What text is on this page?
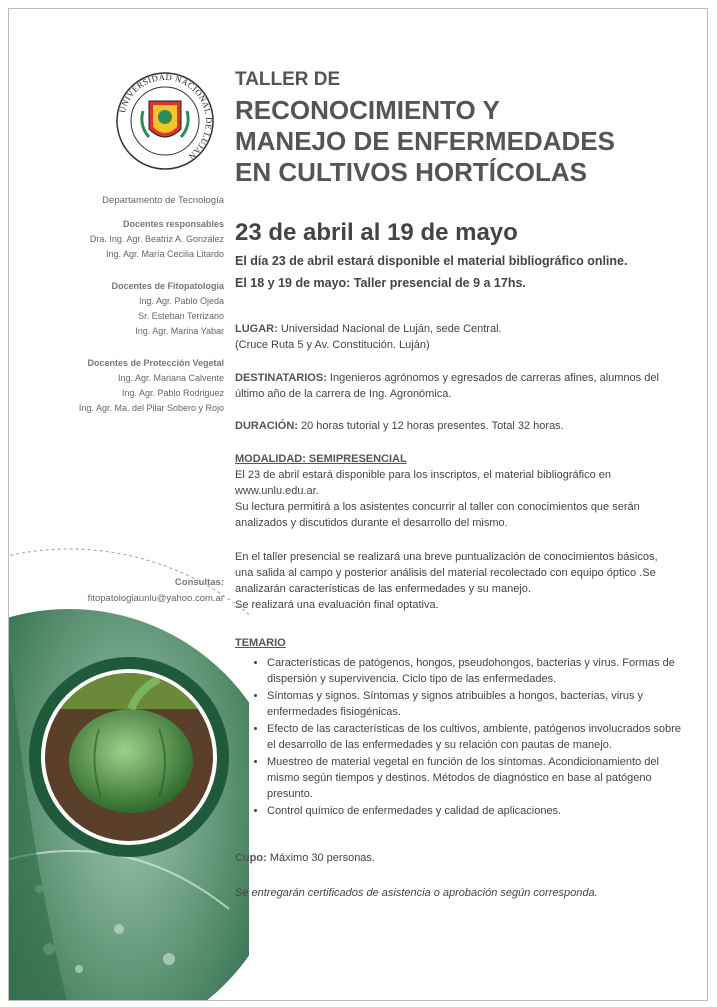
UNIVERSIDAD NACIONAL DE LUJAN
Departamento de Tecnología
Docentes responsables
Dra. Ing. Agr. Beatriz A. González
Ing. Agr. María Cecilia Litardo
Docentes de Fitopatología
Ing. Agr. Pablo Ojeda
Sr. Esteban Terrizano
Ing. Agr. Marina Yabar
Docentes de Protección Vegetal
Ing. Agr. Mariana Calvente
Ing. Agr. Pablo Rodriguez
Ing. Agr. Ma. del Pilar Sobero y Rojo
Consultas:
fitopatologiaunlu@yahoo.com.ar
TALLER DE
RECONOCIMIENTO Y
MANEJO DE ENFERMEDADES
EN CULTIVOS HORTÍCOLAS
23 de abril al 19 de mayo
El día 23 de abril estará disponible el material bibliográfico online.
El 18 y 19 de mayo: Taller presencial de 9 a 17hs.
LUGAR: Universidad Nacional de Luján, sede Central.
(Cruce Ruta 5 y Av. Constitución. Luján)
DESTINATARIOS: Ingenieros agrónomos y egresados de carreras afines, alumnos del último año de la carrera de Ing. Agronómica.
DURACIÓN: 20 horas tutorial y 12 horas presentes. Total 32 horas.
MODALIDAD: SEMIPRESENCIAL
El 23 de abril estará disponible para los inscriptos, el material bibliográfico en www.unlu.edu.ar.
Su lectura permitirá a los asistentes concurrir al taller con conocimientos que serán analizados y discutidos durante el desarrollo del mismo.
En el taller presencial se realizará una breve puntualización de conocimientos básicos, una salida al campo y posterior análisis del material recolectado con equipo óptico .Se analizarán características de las enfermedades y su manejo.
Se realizará una evaluación final optativa.
TEMARIO
• Características de patógenos, hongos, pseudohongos, bacterias y virus. Formas de dispersión y supervivencia. Ciclo tipo de las enfermedades.
• Síntomas y signos. Síntomas y signos atribuibles a hongos, bacterias, virus y enfermedades fisiogénicas.
• Efecto de las características de los cultivos, ambiente, patógenos involucrados sobre el desarrollo de las enfermedades y su relación con pautas de manejo.
• Muestreo de material vegetal en función de los síntomas. Acondicionamiento del mismo según tiempos y destinos. Métodos de diagnóstico en base al patógeno presunto.
• Control químico de enfermedades y calidad de aplicaciones.
Cupo: Máximo 30 personas.
Se entregarán certificados de asistencia o aprobación según corresponda.
